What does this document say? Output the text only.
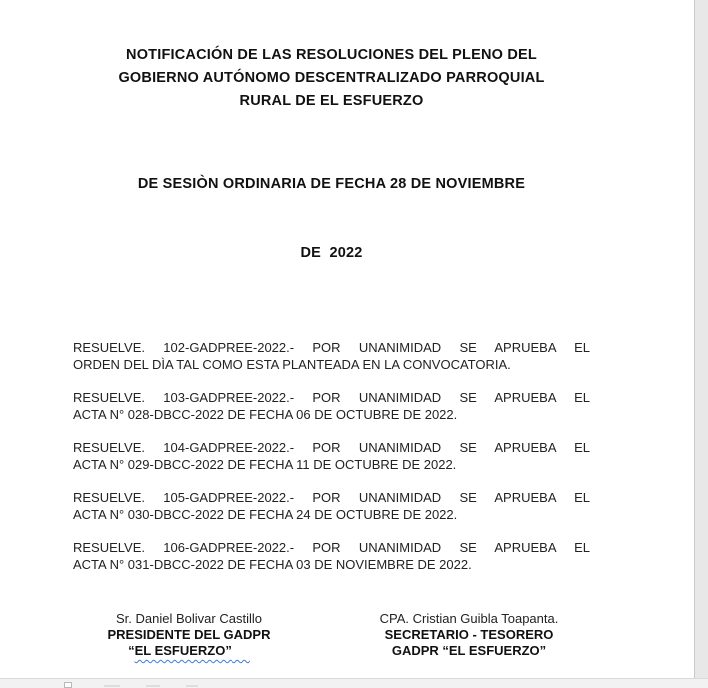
NOTIFICACIÓN DE LAS RESOLUCIONES DEL PLENO DEL
GOBIERNO AUTÓNOMO DESCENTRALIZADO PARROQUIAL
RURAL DE EL ESFUERZO

DE SESIÒN ORDINARIA DE FECHA 28 DE NOVIEMBRE

DE  2022

RESUELVE. 102-GADPREE-2022.- POR UNANIMIDAD SE APRUEBA EL
ORDEN DEL DÌA TAL COMO ESTA PLANTEADA EN LA CONVOCATORIA.
RESUELVE. 103-GADPREE-2022.- POR UNANIMIDAD SE APRUEBA EL
ACTA N° 028-DBCC-2022 DE FECHA 06 DE OCTUBRE DE 2022.
RESUELVE. 104-GADPREE-2022.- POR UNANIMIDAD SE APRUEBA EL
ACTA N° 029-DBCC-2022 DE FECHA 11 DE OCTUBRE DE 2022.
RESUELVE. 105-GADPREE-2022.- POR UNANIMIDAD SE APRUEBA EL
ACTA N° 030-DBCC-2022 DE FECHA 24 DE OCTUBRE DE 2022.
RESUELVE. 106-GADPREE-2022.- POR UNANIMIDAD SE APRUEBA EL
ACTA N° 031-DBCC-2022 DE FECHA 03 DE NOVIEMBRE DE 2022.
Sr. Daniel Bolivar Castillo
PRESIDENTE DEL GADPR
“EL ESFUERZO”
CPA. Cristian Guibla Toapanta.
SECRETARIO - TESORERO
GADPR “EL ESFUERZO”
